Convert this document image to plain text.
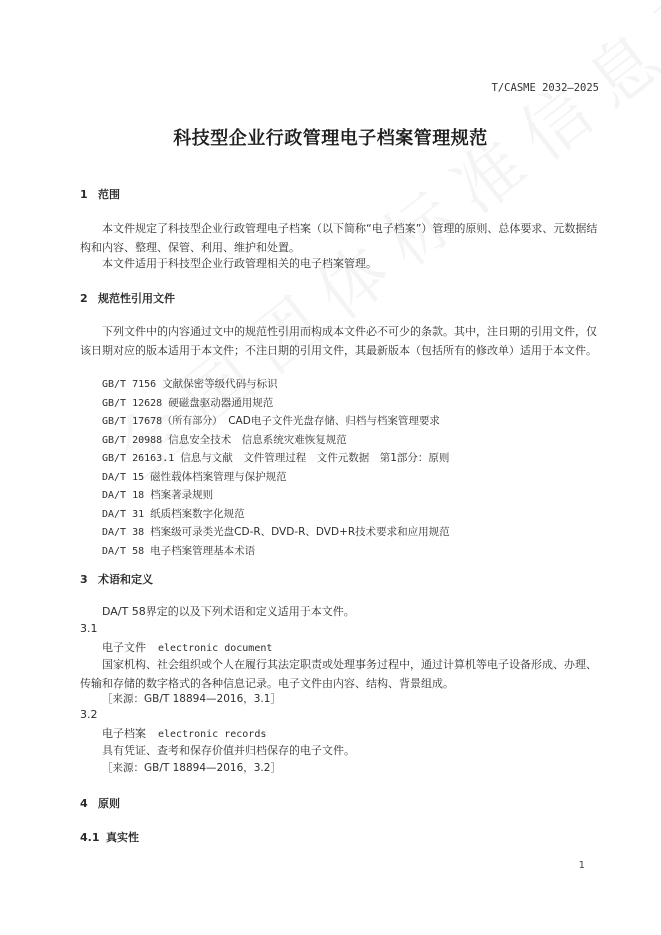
T/CASME 2032—2025
科技型企业行政管理电子档案管理规范
1 范围
本文件规定了科技型企业行政管理电子档案（以下简称“电子档案”）管理的原则、总体要求、元数据结构和内容、整理、保管、利用、维护和处置。
本文件适用于科技型企业行政管理相关的电子档案管理。
2 规范性引用文件
下列文件中的内容通过文中的规范性引用而构成本文件必不可少的条款。其中，注日期的引用文件，仅该日期对应的版本适用于本文件；不注日期的引用文件，其最新版本（包括所有的修改单）适用于本文件。
GB/T 7156 文献保密等级代码与标识
GB/T 12628 硬磁盘驱动器通用规范
GB/T 17678（所有部分） CAD电子文件光盘存储、归档与档案管理要求
GB/T 20988 信息安全技术　信息系统灾难恢复规范
GB/T 26163.1 信息与文献　文件管理过程　文件元数据　第1部分：原则
DA/T 15 磁性载体档案管理与保护规范
DA/T 18 档案著录规则
DA/T 31 纸质档案数字化规范
DA/T 38 档案级可录类光盘CD-R、DVD-R、DVD+R技术要求和应用规范
DA/T 58 电子档案管理基本术语
3 术语和定义
DA/T 58界定的以及下列术语和定义适用于本文件。
3.1
电子文件 electronic document
国家机构、社会组织或个人在履行其法定职责或处理事务过程中，通过计算机等电子设备形成、办理、传输和存储的数字格式的各种信息记录。电子文件由内容、结构、背景组成。
［来源：GB/T 18894—2016，3.1］
3.2
电子档案 electronic records
具有凭证、查考和保存价值并归档保存的电子文件。
［来源：GB/T 18894—2016，3.2］
4 原则
4.1 真实性
1
